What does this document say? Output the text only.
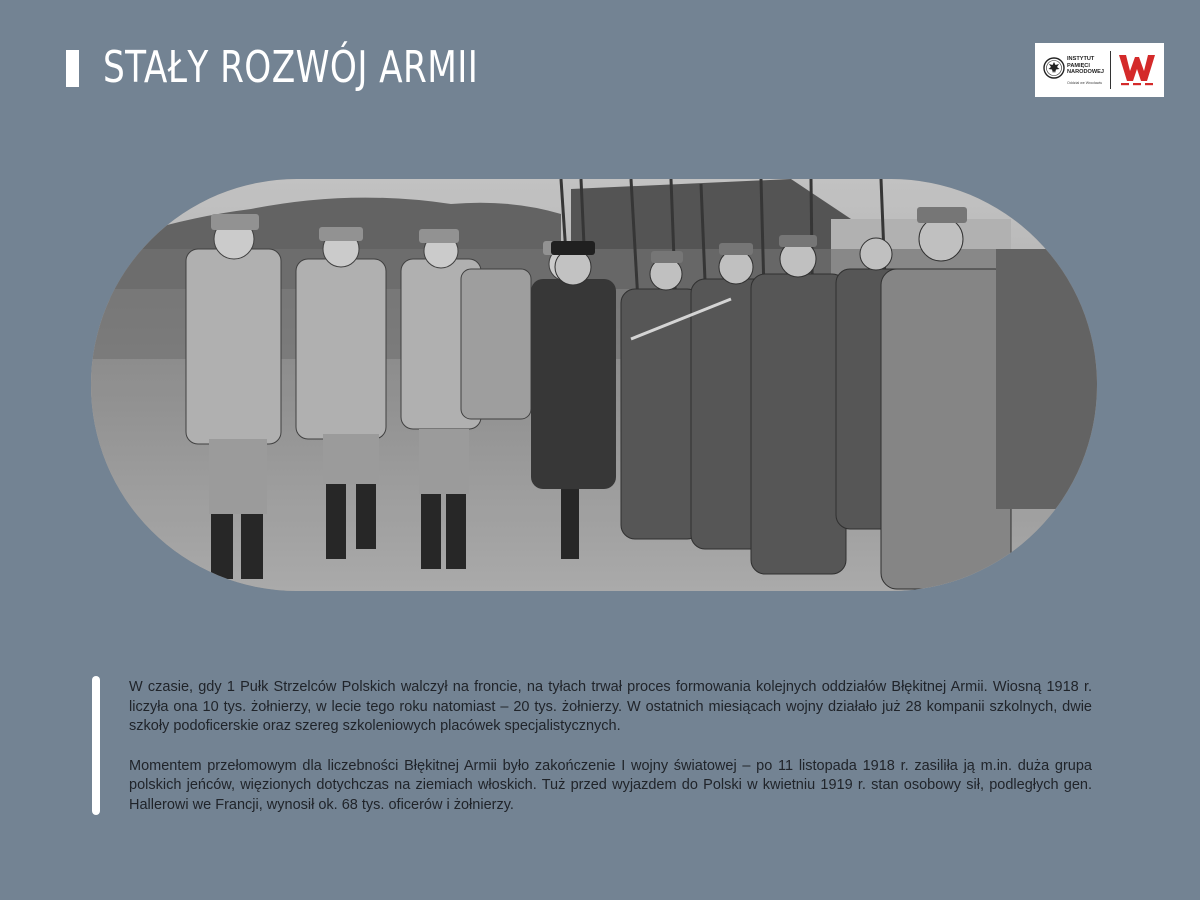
STAŁY ROZWÓJ ARMII	INSTYTUT
PAMIĘCI
NARODOWEJ
Oddział we Wrocławiu

W czasie, gdy 1 Pułk Strzelców Polskich walczył na froncie, na tyłach trwał proces formowania kolejnych oddziałów Błękitnej Armii. Wiosną 1918 r. liczyła ona 10 tys. żołnierzy, w lecie tego roku natomiast – 20 tys. żołnierzy. W ostatnich miesiącach wojny działało już 28 kompanii szkolnych, dwie szkoły podoficerskie oraz szereg szkoleniowych placówek specjalistycznych.

Momentem przełomowym dla liczebności Błękitnej Armii było zakończenie I wojny światowej – po 11 listopada 1918 r. zasiliła ją m.in. duża grupa polskich jeńców, więzionych dotychczas na ziemiach włoskich. Tuż przed wyjazdem do Polski w kwietniu 1919 r. stan osobowy sił, podległych gen. Hallerowi we Francji, wynosił ok. 68 tys. oficerów i żołnierzy.
